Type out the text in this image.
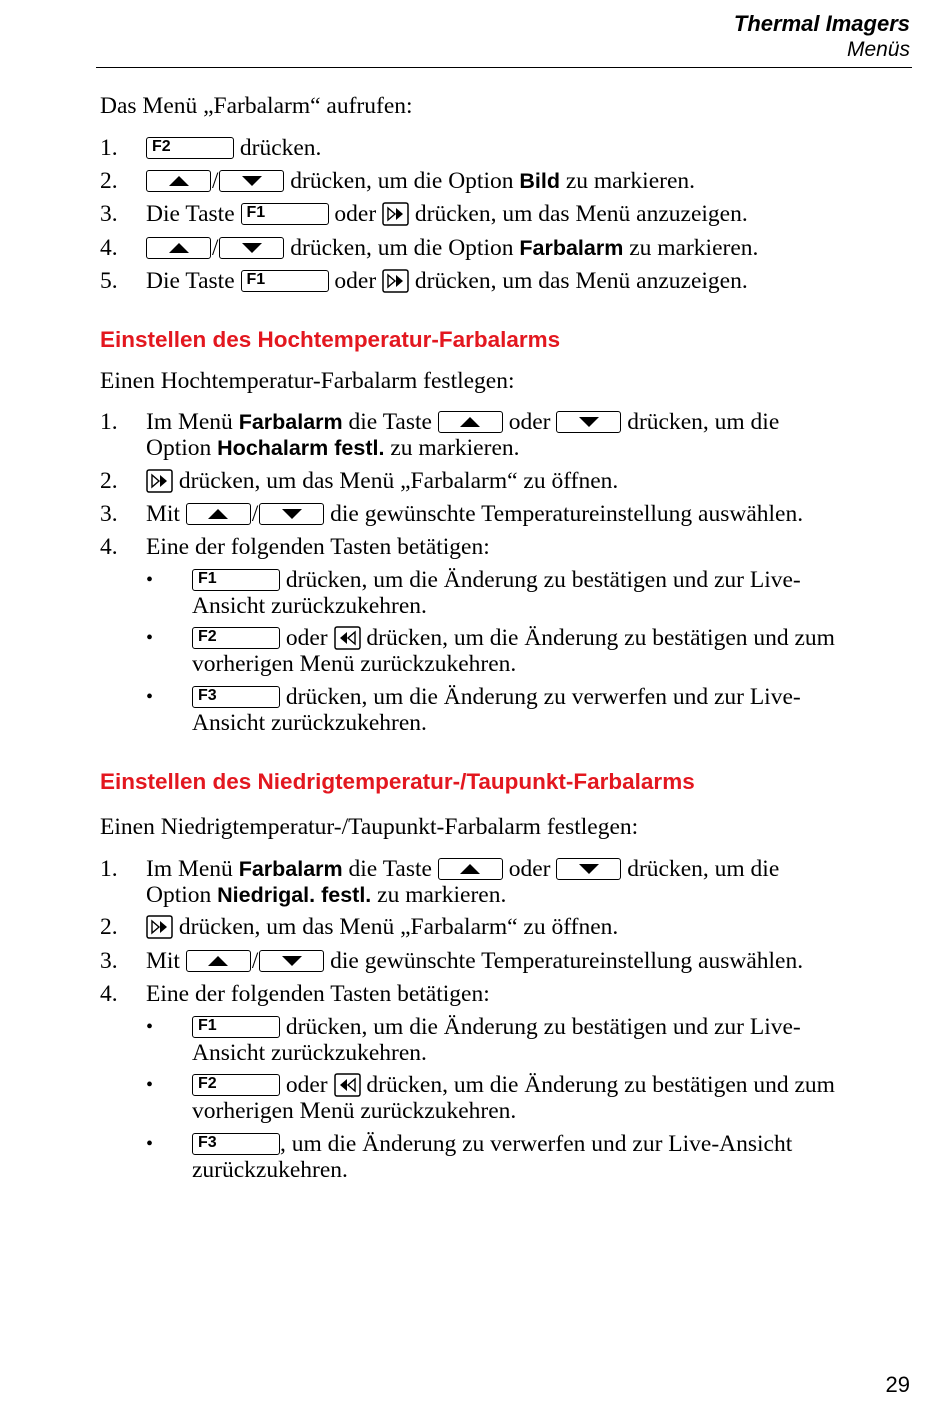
Thermal Imagers
Menüs
Das Menü „Farbalarm“ aufrufen:
1. F2	drücken.
2.	/	drücken, um die Option Bild zu markieren.
3. Die Taste F1	oder drücken, um das Menü anzuzeigen.
4.	/	drücken, um die Option Farbalarm zu markieren.
5. Die Taste F1	oder drücken, um das Menü anzuzeigen.
Einstellen des Hochtemperatur-Farbalarms
Einen Hochtemperatur-Farbalarm festlegen:
1. Im Menü Farbalarm die Taste	oder	drücken, um die
Option Hochalarm festl. zu markieren.
2.	drücken, um das Menü „Farbalarm“ zu öffnen.
3. Mit	/	die gewünschte Temperatureinstellung auswählen.
4. Eine der folgenden Tasten betätigen:
•	F1	drücken, um die Änderung zu bestätigen und zur Live-
Ansicht zurückzukehren.
•	F2	oder drücken, um die Änderung zu bestätigen und zum
vorherigen Menü zurückzukehren.
•	F3	drücken, um die Änderung zu verwerfen und zur Live-
Ansicht zurückzukehren.
Einstellen des Niedrigtemperatur-/Taupunkt-Farbalarms
Einen Niedrigtemperatur-/Taupunkt-Farbalarm festlegen:
1. Im Menü Farbalarm die Taste	oder	drücken, um die
Option Niedrigal. festl. zu markieren.
2.	drücken, um das Menü „Farbalarm“ zu öffnen.
3. Mit	/	die gewünschte Temperatureinstellung auswählen.
4. Eine der folgenden Tasten betätigen:
•	F1	drücken, um die Änderung zu bestätigen und zur Live-
Ansicht zurückzukehren.
•	F2	oder drücken, um die Änderung zu bestätigen und zum
vorherigen Menü zurückzukehren.
•	F3	, um die Änderung zu verwerfen und zur Live-Ansicht
zurückzukehren.
29
